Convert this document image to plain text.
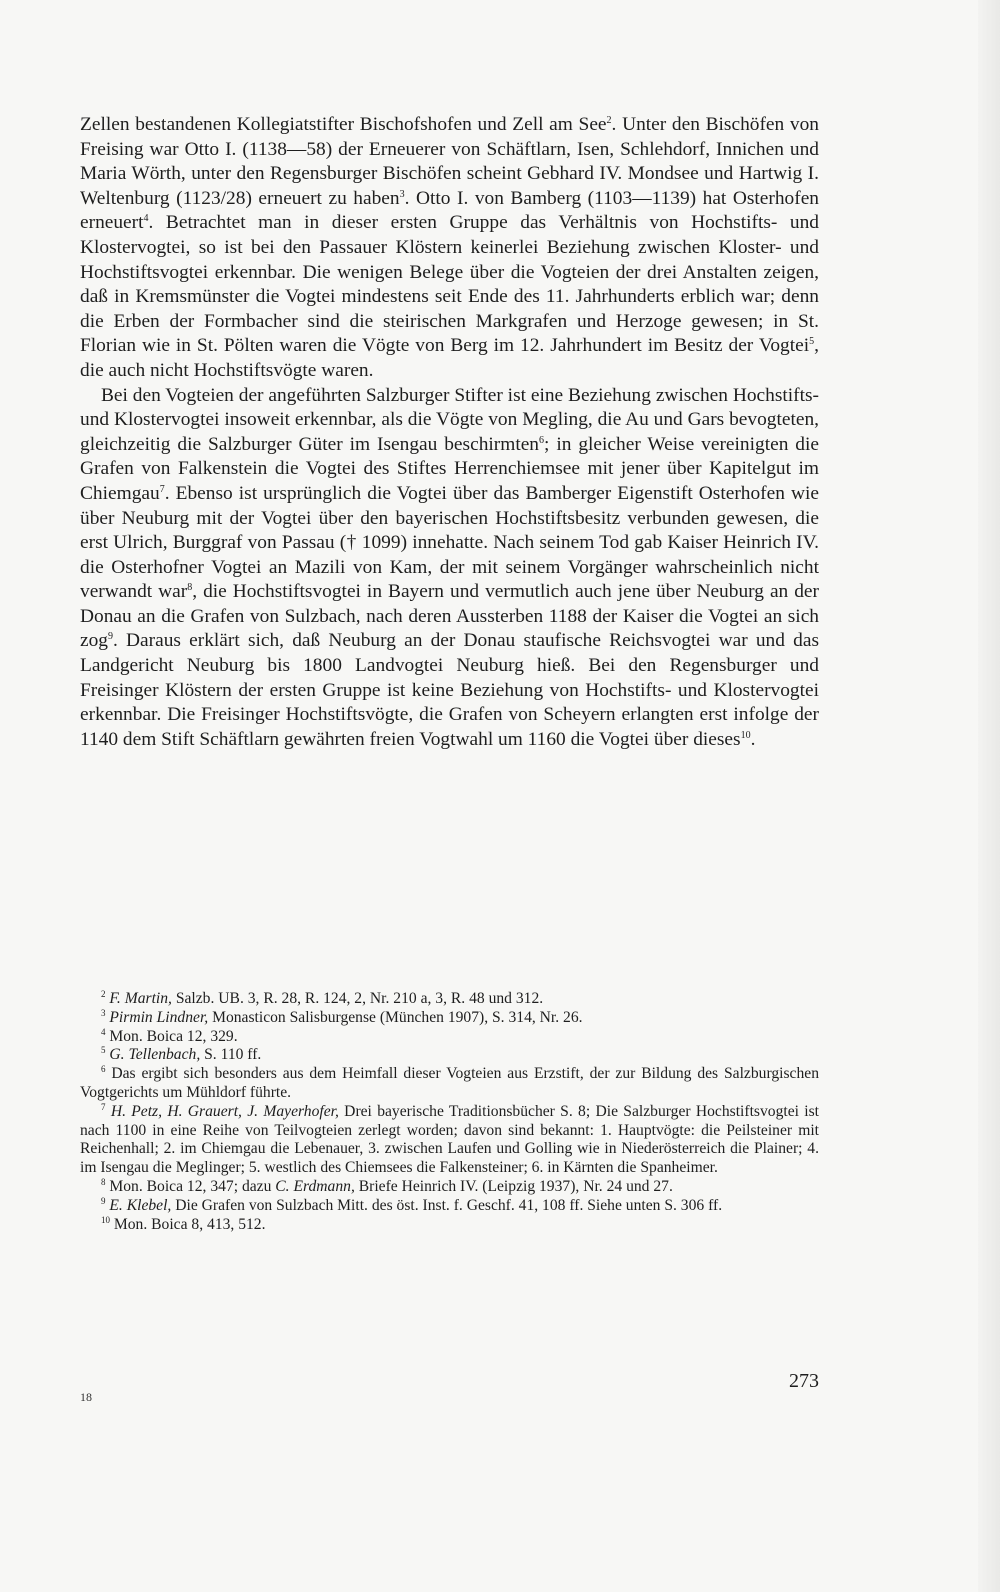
Zellen bestandenen Kollegiatstifter Bischofshofen und Zell am See$^2$. Unter den Bischöfen von Freising war Otto I. (1138—58) der Erneuerer von Schäftlarn, Isen, Schlehdorf, Innichen und Maria Wörth, unter den Regensburger Bischöfen scheint Gebhard IV. Mondsee und Hartwig I. Weltenburg (1123/28) erneuert zu haben$^3$. Otto I. von Bamberg (1103—1139) hat Osterhofen erneuert$^4$. Betrachtet man in dieser ersten Gruppe das Verhältnis von Hochstifts- und Klostervogtei, so ist bei den Passauer Klöstern keinerlei Beziehung zwischen Kloster- und Hochstiftsvogtei erkennbar. Die wenigen Belege über die Vogteien der drei Anstalten zeigen, daß in Kremsmünster die Vogtei mindestens seit Ende des 11. Jahrhunderts erblich war; denn die Erben der Formbacher sind die steirischen Markgrafen und Herzoge gewesen; in St. Florian wie in St. Pölten waren die Vögte von Berg im 12. Jahrhundert im Besitz der Vogtei$^5$, die auch nicht Hochstiftsvögte waren.

Bei den Vogteien der angeführten Salzburger Stifter ist eine Beziehung zwischen Hochstifts- und Klostervogtei insoweit erkennbar, als die Vögte von Megling, die Au und Gars bevogteten, gleichzeitig die Salzburger Güter im Isengau beschirmten$^6$; in gleicher Weise vereinigten die Grafen von Falkenstein die Vogtei des Stiftes Herrenchiemsee mit jener über Kapitelgut im Chiemgau$^7$. Ebenso ist ursprünglich die Vogtei über das Bamberger Eigenstift Osterhofen wie über Neuburg mit der Vogtei über den bayerischen Hochstiftsbesitz verbunden gewesen, die erst Ulrich, Burggraf von Passau († 1099) innehatte. Nach seinem Tod gab Kaiser Heinrich IV. die Osterhofner Vogtei an Mazili von Kam, der mit seinem Vorgänger wahrscheinlich nicht verwandt war$^8$, die Hochstiftsvogtei in Bayern und vermutlich auch jene über Neuburg an der Donau an die Grafen von Sulzbach, nach deren Aussterben 1188 der Kaiser die Vogtei an sich zog$^9$. Daraus erklärt sich, daß Neuburg an der Donau staufische Reichsvogtei war und das Landgericht Neuburg bis 1800 Landvogtei Neuburg hieß. Bei den Regensburger und Freisinger Klöstern der ersten Gruppe ist keine Beziehung von Hochstifts- und Klostervogtei erkennbar. Die Freisinger Hochstiftsvögte, die Grafen von Scheyern erlangten erst infolge der 1140 dem Stift Schäftlarn gewährten freien Vogtwahl um 1160 die Vogtei über dieses$^{10}$.

$^2$ F. Martin, Salzb. UB. 3, R. 28, R. 124, 2, Nr. 210 a, 3, R. 48 und 312.

$^3$ Pirmin Lindner, Monasticon Salisburgense (München 1907), S. 314, Nr. 26.

$^4$ Mon. Boica 12, 329.

$^5$ G. Tellenbach, S. 110 ff.

$^6$ Das ergibt sich besonders aus dem Heimfall dieser Vogteien aus Erzstift, der zur Bildung des Salzburgischen Vogtgerichts um Mühldorf führte.

$^7$ H. Petz, H. Grauert, J. Mayerhofer, Drei bayerische Traditionsbücher S. 8; Die Salzburger Hochstiftsvogtei ist nach 1100 in eine Reihe von Teilvogteien zerlegt worden; davon sind bekannt: 1. Hauptvögte: die Peilsteiner mit Reichenhall; 2. im Chiemgau die Lebenauer, 3. zwischen Laufen und Golling wie in Niederösterreich die Plainer; 4. im Isengau die Meglinger; 5. westlich des Chiemsees die Falkensteiner; 6. in Kärnten die Spanheimer.

$^8$ Mon. Boica 12, 347; dazu C. Erdmann, Briefe Heinrich IV. (Leipzig 1937), Nr. 24 und 27.

$^9$ E. Klebel, Die Grafen von Sulzbach Mitt. des öst. Inst. f. Geschf. 41, 108 ff. Siehe unten S. 306 ff.

$^{10}$ Mon. Boica 8, 413, 512.

18
273
